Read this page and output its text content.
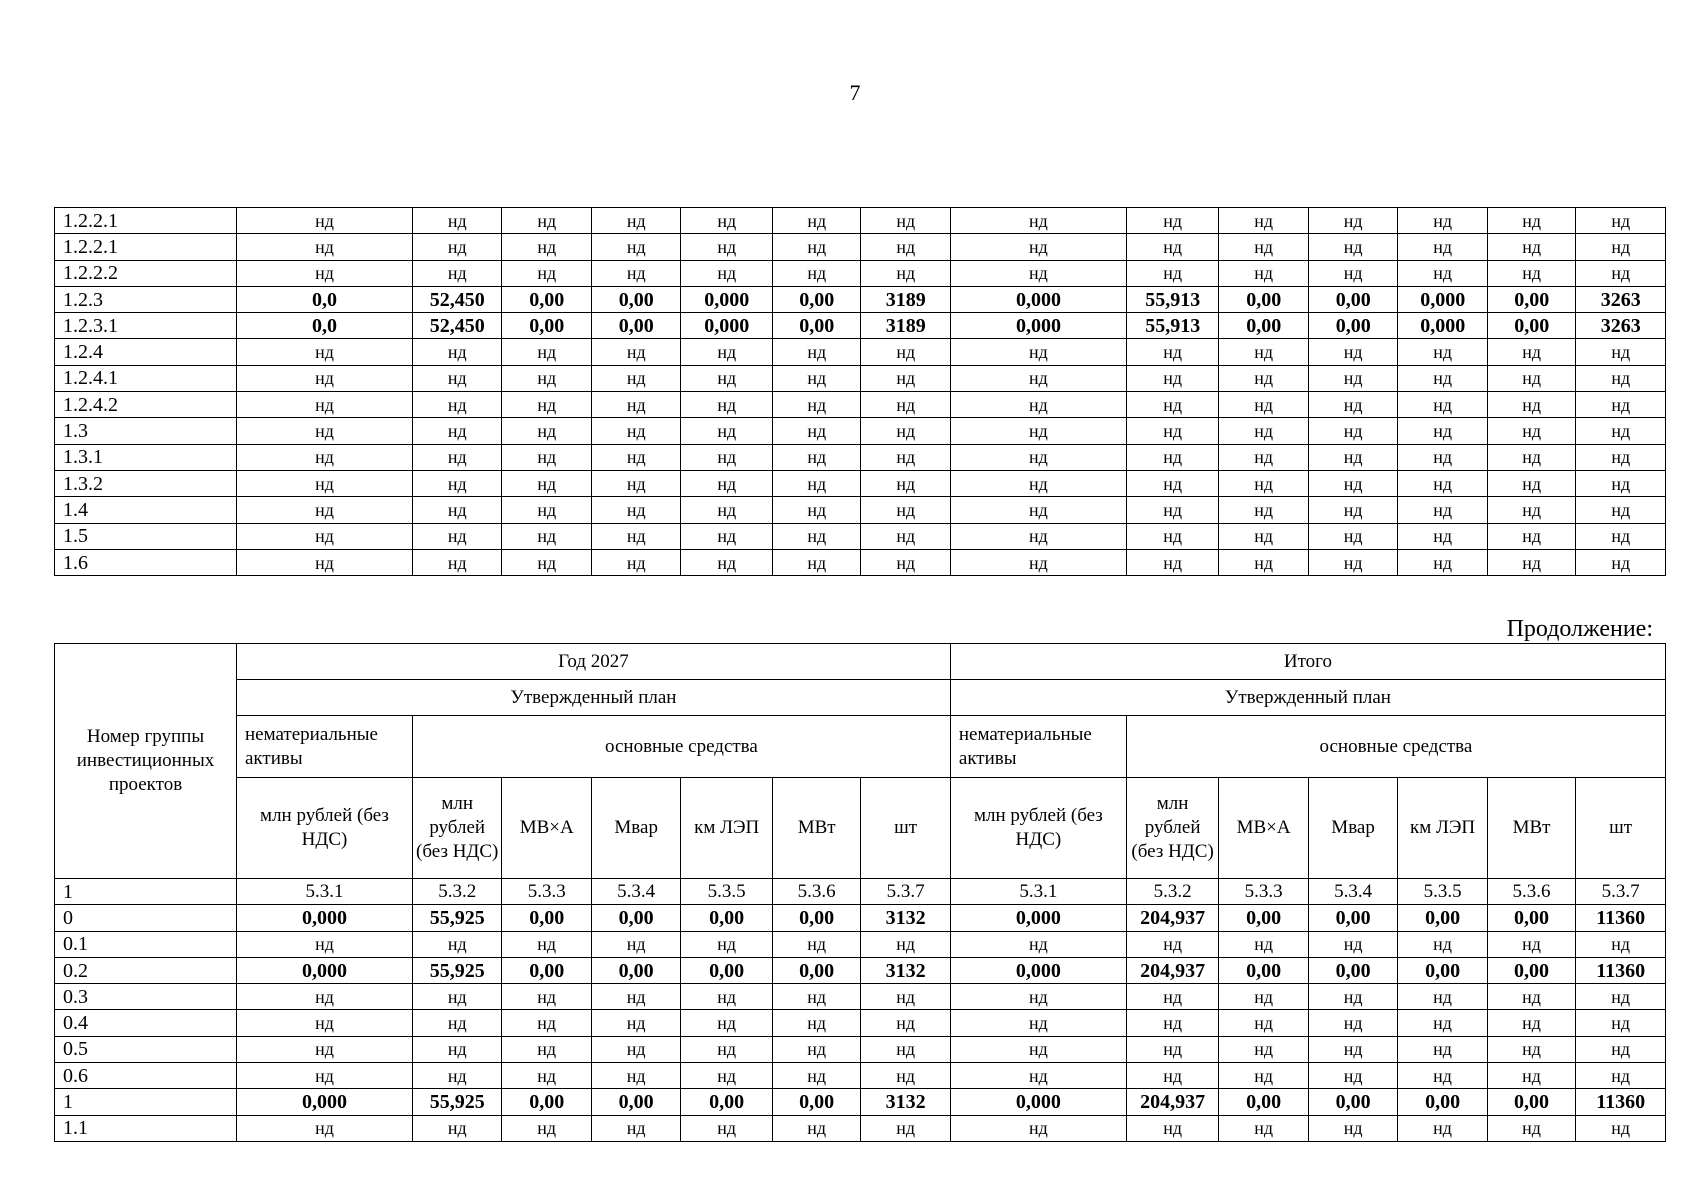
7
1.2.2.1	нд	нд	нд	нд	нд	нд	нд	нд	нд	нд	нд	нд	нд	нд
1.2.2.1	нд	нд	нд	нд	нд	нд	нд	нд	нд	нд	нд	нд	нд	нд
1.2.2.2	нд	нд	нд	нд	нд	нд	нд	нд	нд	нд	нд	нд	нд	нд
1.2.3	0,0	52,450	0,00	0,00	0,000	0,00	3189	0,000	55,913	0,00	0,00	0,000	0,00	3263
1.2.3.1	0,0	52,450	0,00	0,00	0,000	0,00	3189	0,000	55,913	0,00	0,00	0,000	0,00	3263
1.2.4	нд	нд	нд	нд	нд	нд	нд	нд	нд	нд	нд	нд	нд	нд
1.2.4.1	нд	нд	нд	нд	нд	нд	нд	нд	нд	нд	нд	нд	нд	нд
1.2.4.2	нд	нд	нд	нд	нд	нд	нд	нд	нд	нд	нд	нд	нд	нд
1.3	нд	нд	нд	нд	нд	нд	нд	нд	нд	нд	нд	нд	нд	нд
1.3.1	нд	нд	нд	нд	нд	нд	нд	нд	нд	нд	нд	нд	нд	нд
1.3.2	нд	нд	нд	нд	нд	нд	нд	нд	нд	нд	нд	нд	нд	нд
1.4	нд	нд	нд	нд	нд	нд	нд	нд	нд	нд	нд	нд	нд	нд
1.5	нд	нд	нд	нд	нд	нд	нд	нд	нд	нд	нд	нд	нд	нд
1.6	нд	нд	нд	нд	нд	нд	нд	нд	нд	нд	нд	нд	нд	нд
Продолжение:
Номер группы инвестиционных проектов	Год 2027							Итого						
	Утвержденный план							Утвержденный план						
	нематериальные активы	основные средства						нематериальные активы	основные средства					
	млн рублей (без НДС)	млн рублей (без НДС)	МВ×А	Мвар	км ЛЭП	МВт	шт	млн рублей (без НДС)	млн рублей (без НДС)	МВ×А	Мвар	км ЛЭП	МВт	шт
1	5.3.1	5.3.2	5.3.3	5.3.4	5.3.5	5.3.6	5.3.7	5.3.1	5.3.2	5.3.3	5.3.4	5.3.5	5.3.6	5.3.7
0	0,000	55,925	0,00	0,00	0,00	0,00	3132	0,000	204,937	0,00	0,00	0,00	0,00	11360
0.1	нд	нд	нд	нд	нд	нд	нд	нд	нд	нд	нд	нд	нд	нд
0.2	0,000	55,925	0,00	0,00	0,00	0,00	3132	0,000	204,937	0,00	0,00	0,00	0,00	11360
0.3	нд	нд	нд	нд	нд	нд	нд	нд	нд	нд	нд	нд	нд	нд
0.4	нд	нд	нд	нд	нд	нд	нд	нд	нд	нд	нд	нд	нд	нд
0.5	нд	нд	нд	нд	нд	нд	нд	нд	нд	нд	нд	нд	нд	нд
0.6	нд	нд	нд	нд	нд	нд	нд	нд	нд	нд	нд	нд	нд	нд
1	0,000	55,925	0,00	0,00	0,00	0,00	3132	0,000	204,937	0,00	0,00	0,00	0,00	11360
1.1	нд	нд	нд	нд	нд	нд	нд	нд	нд	нд	нд	нд	нд	нд
